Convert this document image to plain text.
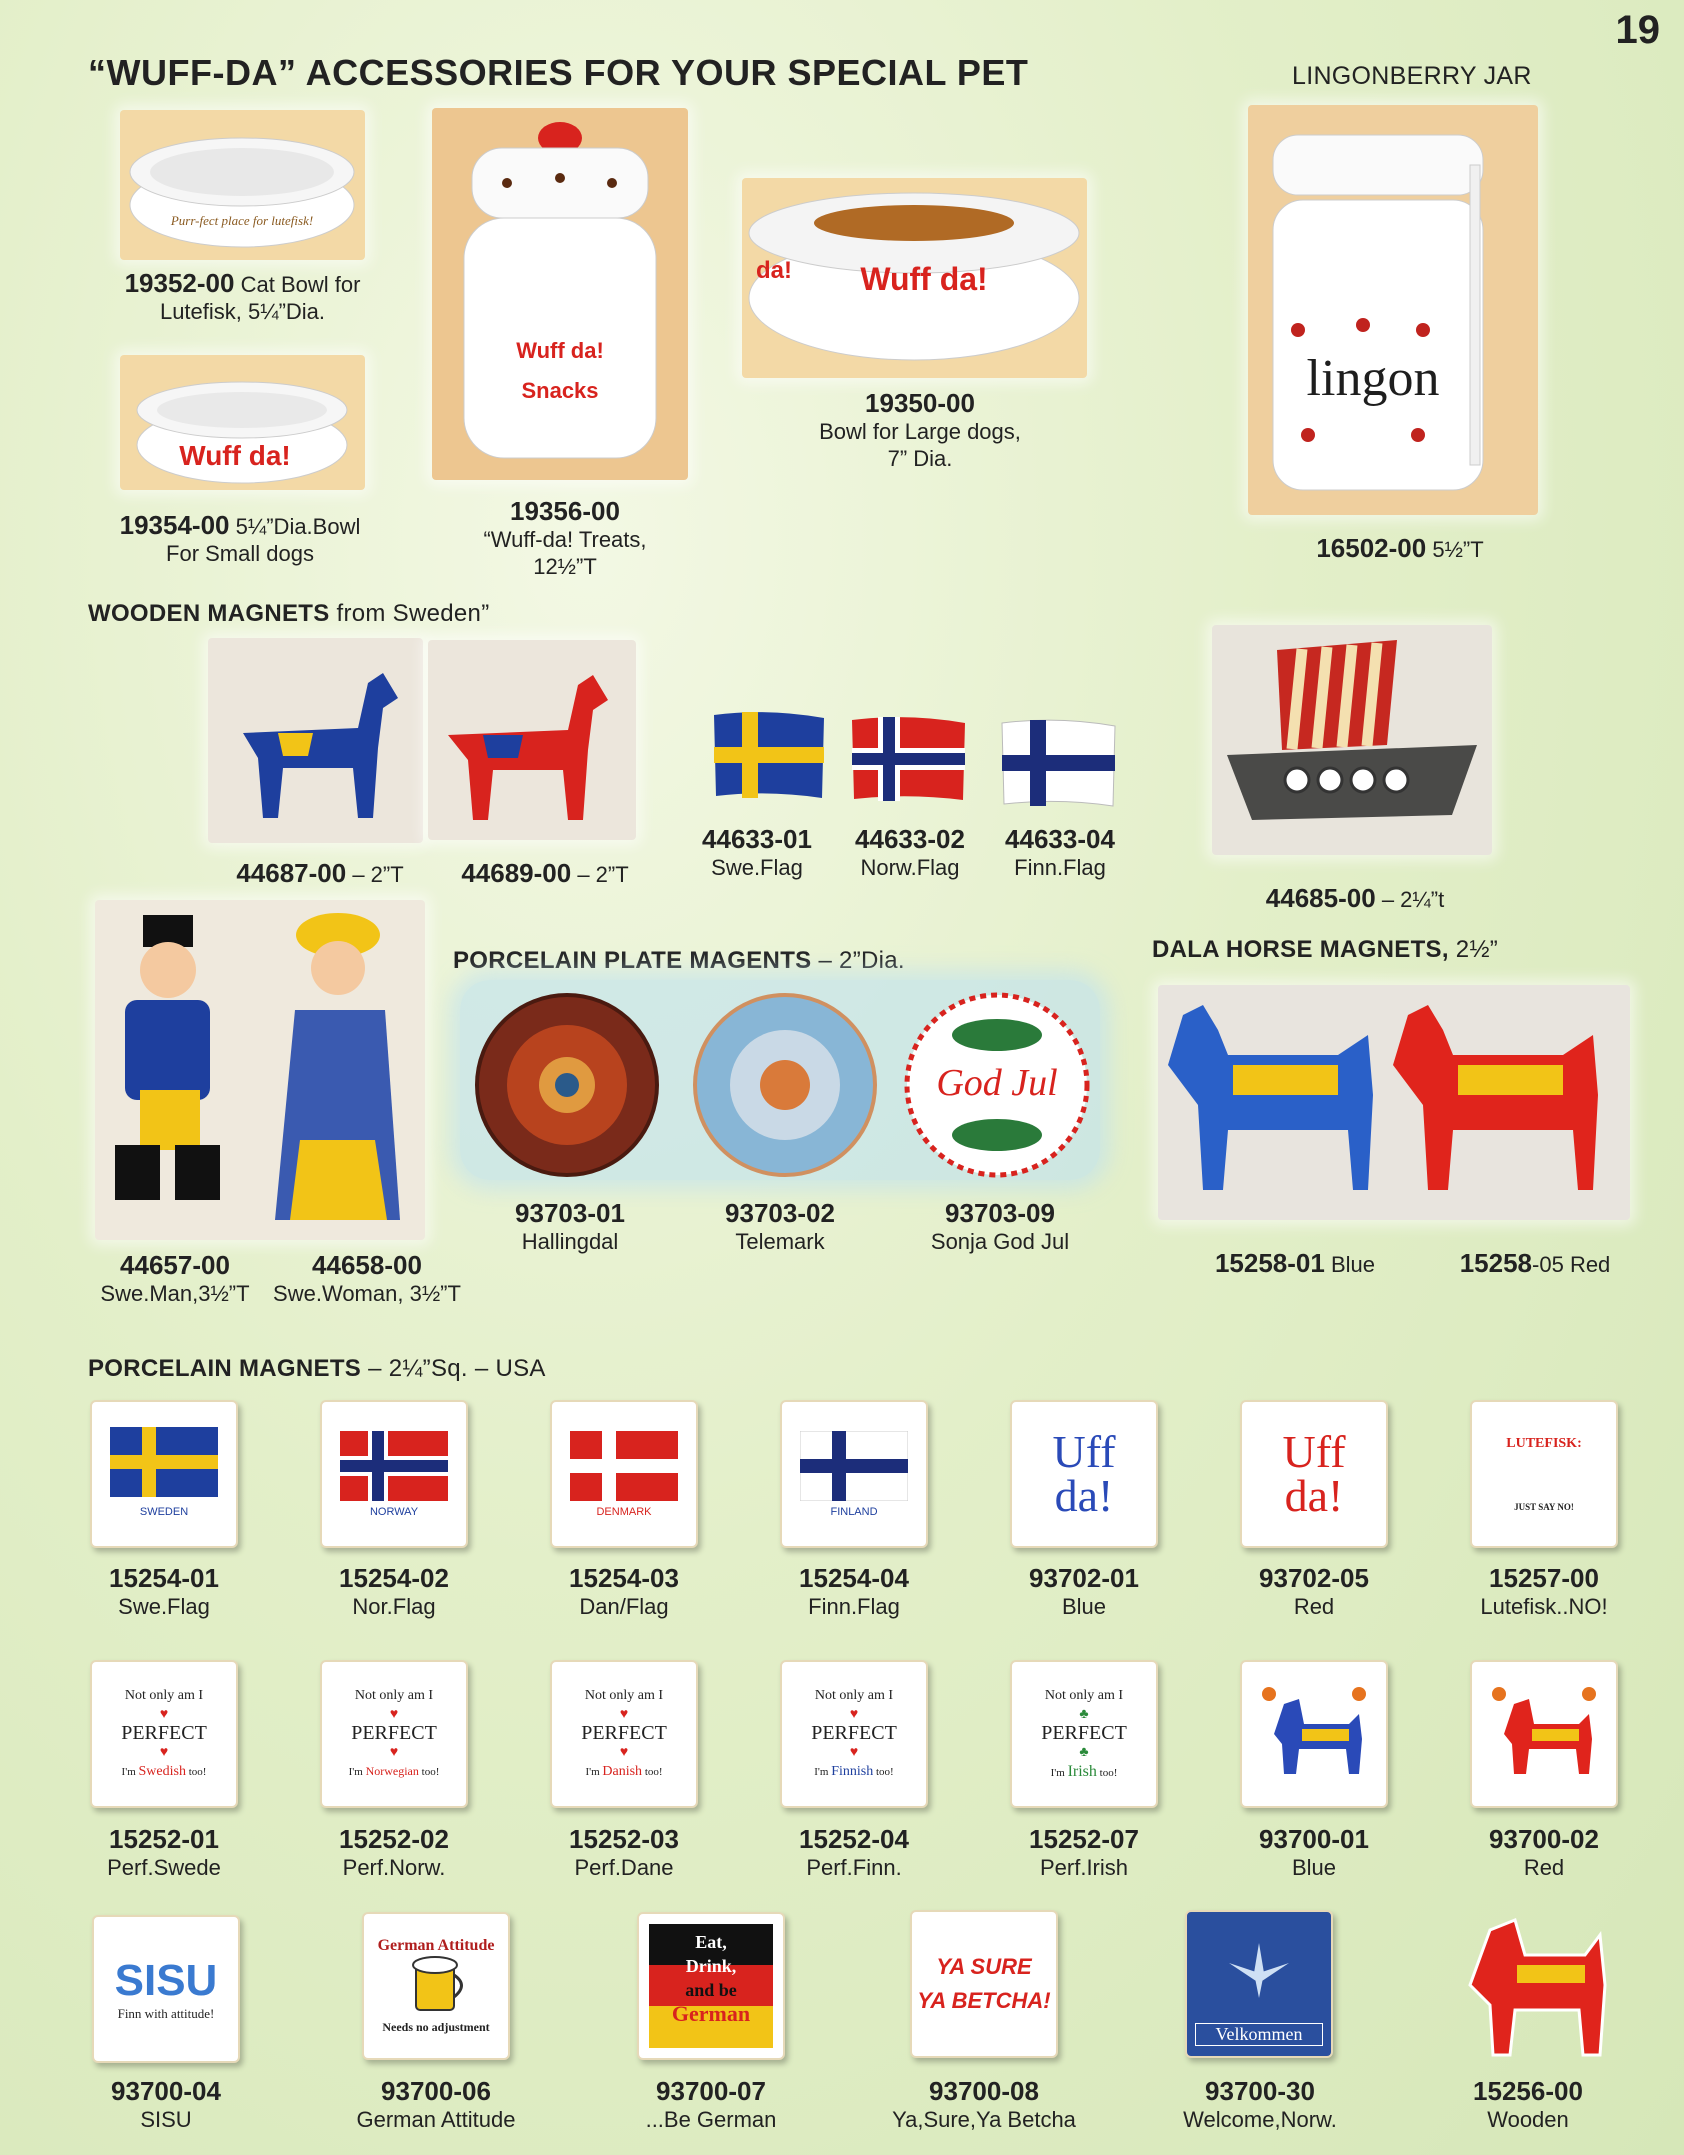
19
“WUFF-DA” ACCESSORIES FOR YOUR SPECIAL PET	LINGONBERRY JAR
Purr-fect place for lutefisk!
19352-00 Cat Bowl for
Lutefisk, 5¼”Dia.
Wuff da!
19354-00 5¼”Dia.Bowl
For Small dogs
Wuff da!
Snacks
19356-00
“Wuff-da! Treats,
12½”T
Wuff da!
da!
19350-00
Bowl for Large dogs,
7” Dia.
lingon
16502-00 5½”T
WOODEN MAGNETS from Sweden”
44687-00 – 2”T	44689-00 – 2”T
44633-01
Swe.Flag
44633-02
Norw.Flag
44633-04
Finn.Flag
44685-00 – 2¼”t
44657-00
Swe.Man,3½”T
44658-00
Swe.Woman, 3½”T
PORCELAIN PLATE MAGENTS – 2”Dia.
God Jul
93703-01
Hallingdal
93703-02
Telemark
93703-09
Sonja God Jul
DALA HORSE MAGNETS, 2½”
15258-01 Blue	15258-05 Red
PORCELAIN MAGNETS – 2¼”Sq. – USA
SWEDEN	NORWAY	DENMARK	FINLAND
Uff
da!
Uff
da!
LUTEFISK:
JUST SAY NO!
15254-01
Swe.Flag
15254-02
Nor.Flag
15254-03
Dan/Flag
15254-04
Finn.Flag
93702-01
Blue
93702-05
Red
15257-00
Lutefisk..NO!
Not only am I
♥
PERFECT
♥
I'm Swedish too!
Not only am I
♥
PERFECT
♥
I'm Norwegian too!
Not only am I
♥
PERFECT
♥
I'm Danish too!
Not only am I
♥
PERFECT
♥
I'm Finnish too!
Not only am I
♣
PERFECT
♣
I'm Irish too!
15252-01
Perf.Swede
15252-02
Perf.Norw.
15252-03
Perf.Dane
15252-04
Perf.Finn.
15252-07
Perf.Irish
93700-01
Blue
93700-02
Red
SISU
Finn with attitude!
German Attitude
Needs no adjustment
Eat,
Drink,
and be
German
YA SURE
YA BETCHA!
Velkommen
93700-04
SISU
93700-06
German Attitude
93700-07
...Be German
93700-08
Ya,Sure,Ya Betcha
93700-30
Welcome,Norw.
15256-00
Wooden
